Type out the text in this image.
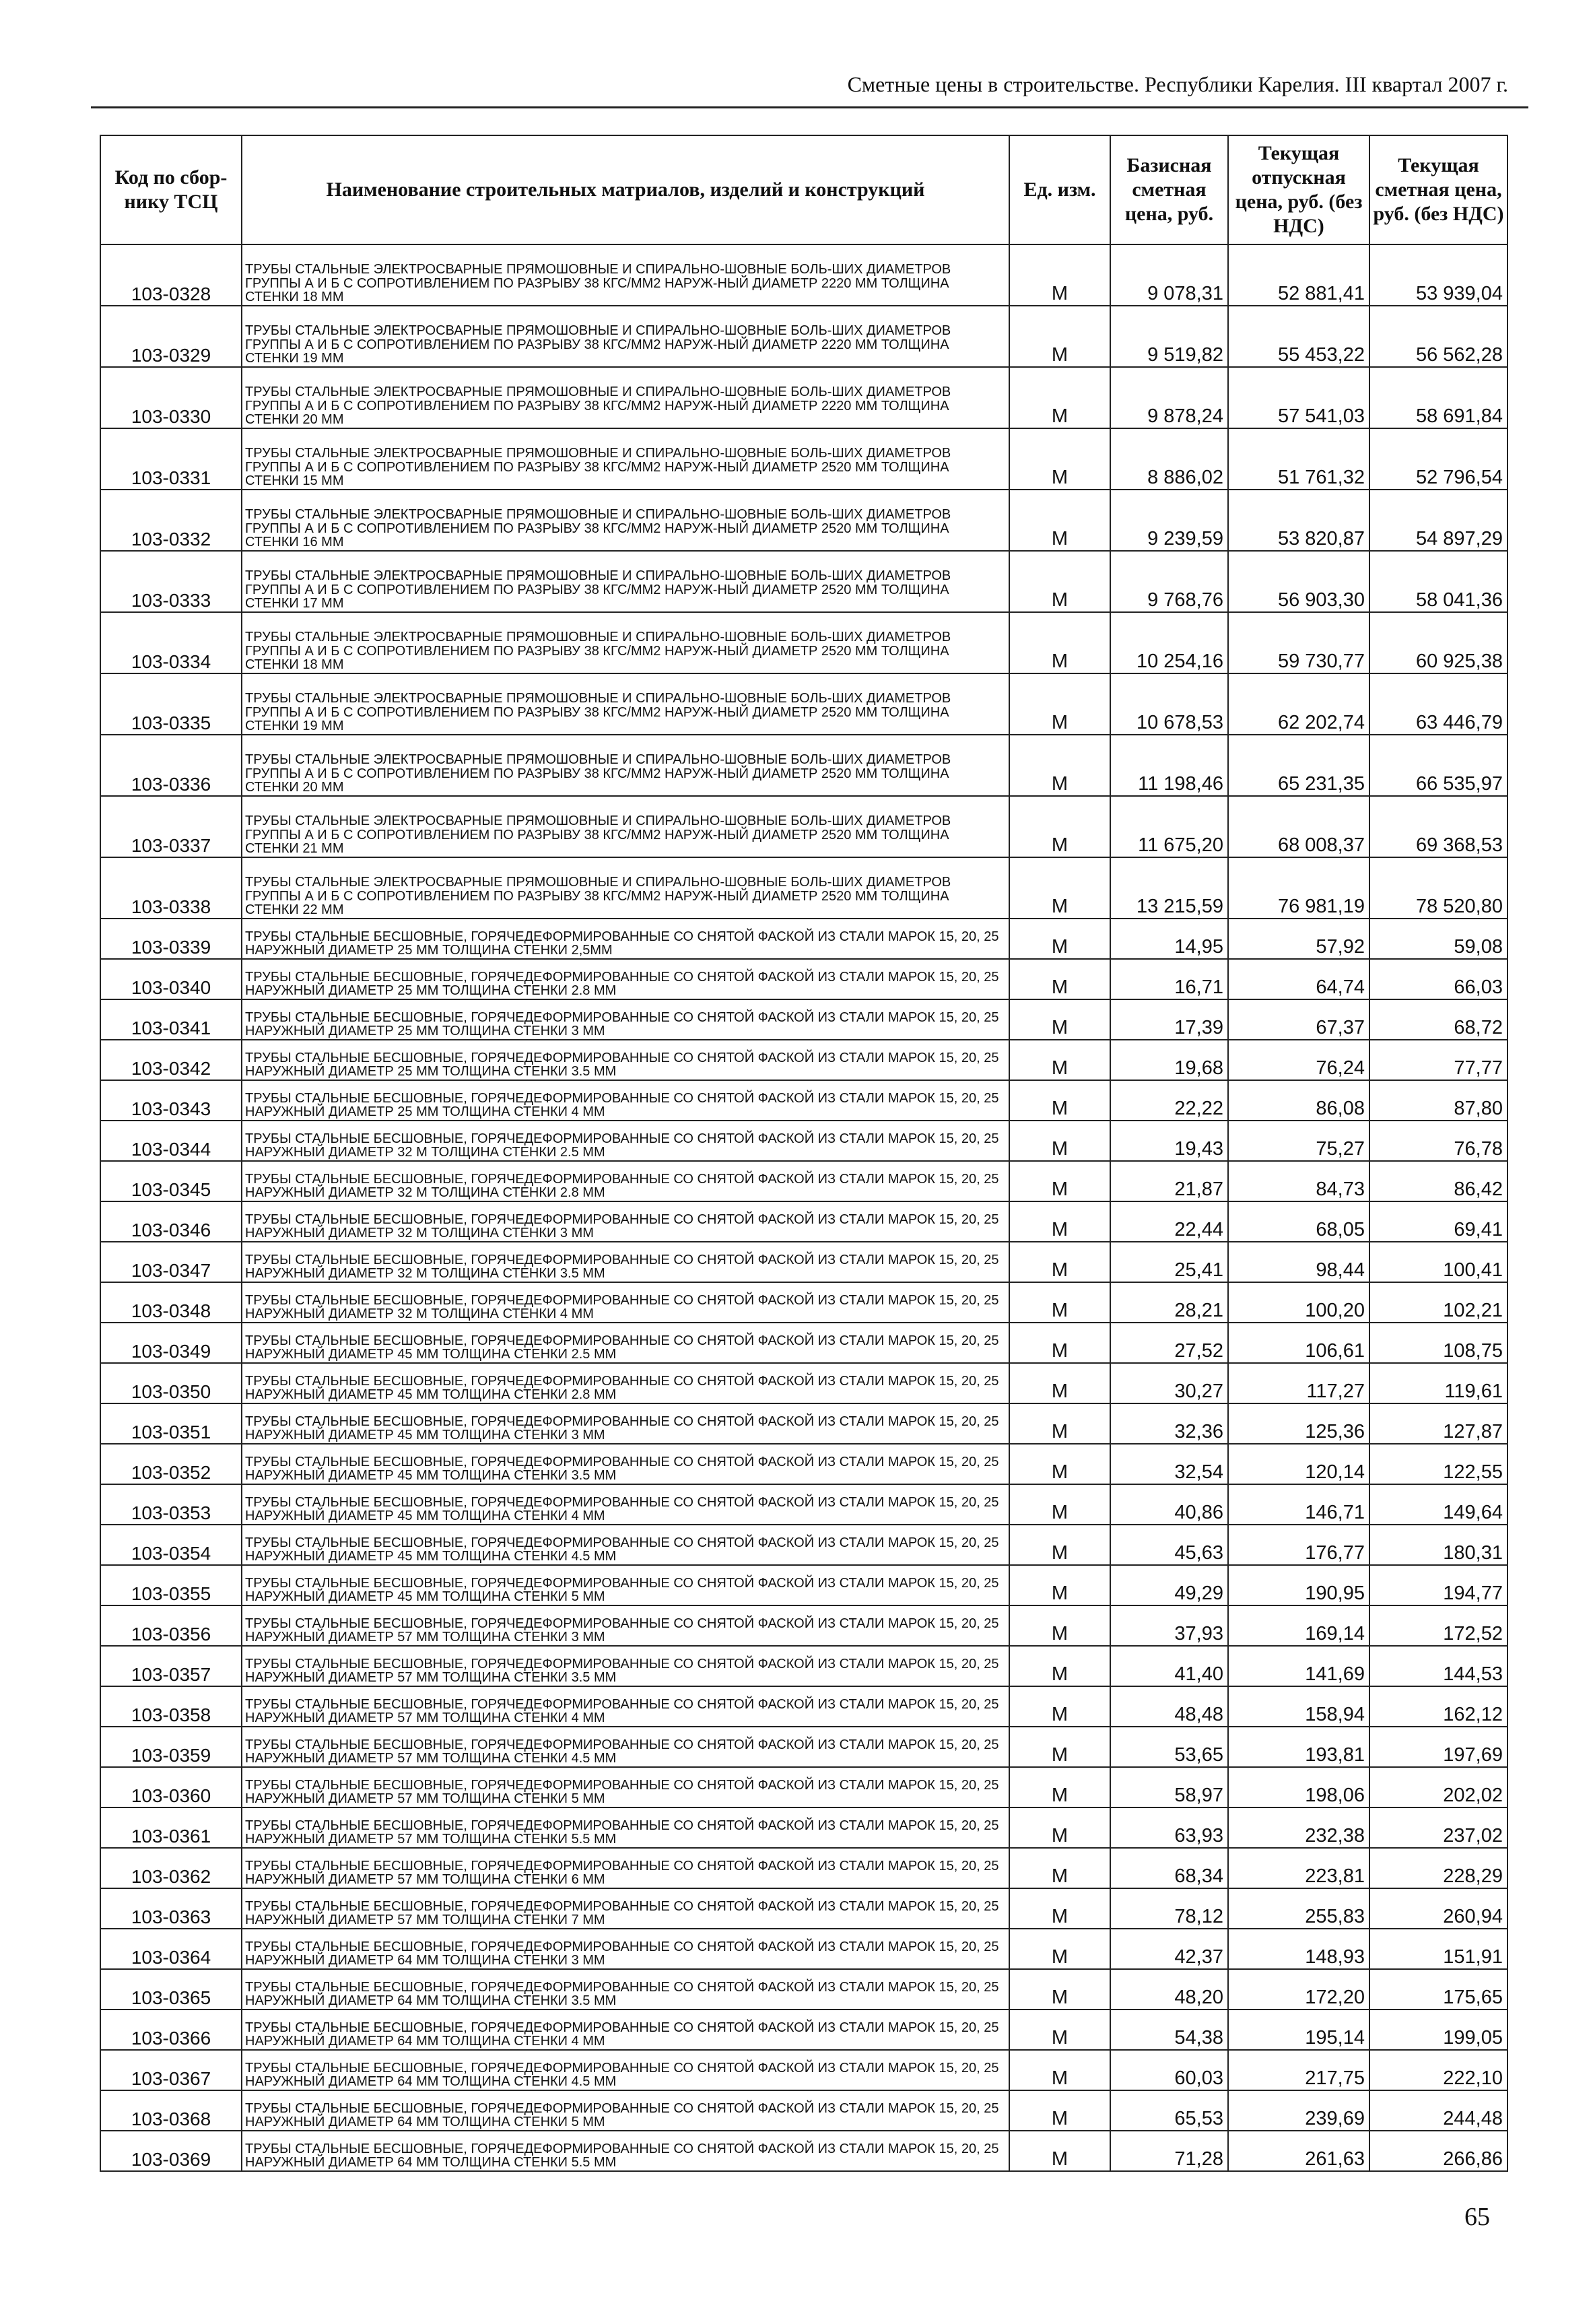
Сметные цены в строительстве. Республики Карелия. III квартал 2007 г.
Код по сбор-нику ТСЦ	Наименование строительных матриалов, изделий и конструкций	Ед. изм.	Базисная сметная цена, руб.	Текущая отпускная цена, руб. (без НДС)	Текущая сметная цена, руб. (без НДС)
103-0328	ТРУБЫ СТАЛЬНЫЕ ЭЛЕКТРОСВАРНЫЕ ПРЯМОШОВНЫЕ И СПИРАЛЬНО-ШОВНЫЕ БОЛЬ-ШИХ ДИАМЕТРОВ ГРУППЫ А И Б С СОПРОТИВЛЕНИЕМ ПО РАЗРЫВУ 38 КГС/ММ2 НАРУЖ-НЫЙ ДИАМЕТР 2220 ММ ТОЛЩИНА СТЕНКИ 18 ММ	М	9 078,31	52 881,41	53 939,04
103-0329	ТРУБЫ СТАЛЬНЫЕ ЭЛЕКТРОСВАРНЫЕ ПРЯМОШОВНЫЕ И СПИРАЛЬНО-ШОВНЫЕ БОЛЬ-ШИХ ДИАМЕТРОВ ГРУППЫ А И Б С СОПРОТИВЛЕНИЕМ ПО РАЗРЫВУ 38 КГС/ММ2 НАРУЖ-НЫЙ ДИАМЕТР 2220 ММ ТОЛЩИНА СТЕНКИ 19 ММ	М	9 519,82	55 453,22	56 562,28
103-0330	ТРУБЫ СТАЛЬНЫЕ ЭЛЕКТРОСВАРНЫЕ ПРЯМОШОВНЫЕ И СПИРАЛЬНО-ШОВНЫЕ БОЛЬ-ШИХ ДИАМЕТРОВ ГРУППЫ А И Б С СОПРОТИВЛЕНИЕМ ПО РАЗРЫВУ 38 КГС/ММ2 НАРУЖ-НЫЙ ДИАМЕТР 2220 ММ ТОЛЩИНА СТЕНКИ 20 ММ	М	9 878,24	57 541,03	58 691,84
103-0331	ТРУБЫ СТАЛЬНЫЕ ЭЛЕКТРОСВАРНЫЕ ПРЯМОШОВНЫЕ И СПИРАЛЬНО-ШОВНЫЕ БОЛЬ-ШИХ ДИАМЕТРОВ ГРУППЫ А И Б С СОПРОТИВЛЕНИЕМ ПО РАЗРЫВУ 38 КГС/ММ2 НАРУЖ-НЫЙ ДИАМЕТР 2520 ММ ТОЛЩИНА СТЕНКИ 15 ММ	М	8 886,02	51 761,32	52 796,54
103-0332	ТРУБЫ СТАЛЬНЫЕ ЭЛЕКТРОСВАРНЫЕ ПРЯМОШОВНЫЕ И СПИРАЛЬНО-ШОВНЫЕ БОЛЬ-ШИХ ДИАМЕТРОВ ГРУППЫ А И Б С СОПРОТИВЛЕНИЕМ ПО РАЗРЫВУ 38 КГС/ММ2 НАРУЖ-НЫЙ ДИАМЕТР 2520 ММ ТОЛЩИНА СТЕНКИ 16 ММ	М	9 239,59	53 820,87	54 897,29
103-0333	ТРУБЫ СТАЛЬНЫЕ ЭЛЕКТРОСВАРНЫЕ ПРЯМОШОВНЫЕ И СПИРАЛЬНО-ШОВНЫЕ БОЛЬ-ШИХ ДИАМЕТРОВ ГРУППЫ А И Б С СОПРОТИВЛЕНИЕМ ПО РАЗРЫВУ 38 КГС/ММ2 НАРУЖ-НЫЙ ДИАМЕТР 2520 ММ ТОЛЩИНА СТЕНКИ 17 ММ	М	9 768,76	56 903,30	58 041,36
103-0334	ТРУБЫ СТАЛЬНЫЕ ЭЛЕКТРОСВАРНЫЕ ПРЯМОШОВНЫЕ И СПИРАЛЬНО-ШОВНЫЕ БОЛЬ-ШИХ ДИАМЕТРОВ ГРУППЫ А И Б С СОПРОТИВЛЕНИЕМ ПО РАЗРЫВУ 38 КГС/ММ2 НАРУЖ-НЫЙ ДИАМЕТР 2520 ММ ТОЛЩИНА СТЕНКИ 18 ММ	М	10 254,16	59 730,77	60 925,38
103-0335	ТРУБЫ СТАЛЬНЫЕ ЭЛЕКТРОСВАРНЫЕ ПРЯМОШОВНЫЕ И СПИРАЛЬНО-ШОВНЫЕ БОЛЬ-ШИХ ДИАМЕТРОВ ГРУППЫ А И Б С СОПРОТИВЛЕНИЕМ ПО РАЗРЫВУ 38 КГС/ММ2 НАРУЖ-НЫЙ ДИАМЕТР 2520 ММ ТОЛЩИНА СТЕНКИ 19 ММ	М	10 678,53	62 202,74	63 446,79
103-0336	ТРУБЫ СТАЛЬНЫЕ ЭЛЕКТРОСВАРНЫЕ ПРЯМОШОВНЫЕ И СПИРАЛЬНО-ШОВНЫЕ БОЛЬ-ШИХ ДИАМЕТРОВ ГРУППЫ А И Б С СОПРОТИВЛЕНИЕМ ПО РАЗРЫВУ 38 КГС/ММ2 НАРУЖ-НЫЙ ДИАМЕТР 2520 ММ ТОЛЩИНА СТЕНКИ 20 ММ	М	11 198,46	65 231,35	66 535,97
103-0337	ТРУБЫ СТАЛЬНЫЕ ЭЛЕКТРОСВАРНЫЕ ПРЯМОШОВНЫЕ И СПИРАЛЬНО-ШОВНЫЕ БОЛЬ-ШИХ ДИАМЕТРОВ ГРУППЫ А И Б С СОПРОТИВЛЕНИЕМ ПО РАЗРЫВУ 38 КГС/ММ2 НАРУЖ-НЫЙ ДИАМЕТР 2520 ММ ТОЛЩИНА СТЕНКИ 21 ММ	М	11 675,20	68 008,37	69 368,53
103-0338	ТРУБЫ СТАЛЬНЫЕ ЭЛЕКТРОСВАРНЫЕ ПРЯМОШОВНЫЕ И СПИРАЛЬНО-ШОВНЫЕ БОЛЬ-ШИХ ДИАМЕТРОВ ГРУППЫ А И Б С СОПРОТИВЛЕНИЕМ ПО РАЗРЫВУ 38 КГС/ММ2 НАРУЖ-НЫЙ ДИАМЕТР 2520 ММ ТОЛЩИНА СТЕНКИ 22 ММ	М	13 215,59	76 981,19	78 520,80
103-0339	ТРУБЫ СТАЛЬНЫЕ БЕСШОВНЫЕ, ГОРЯЧЕДЕФОРМИРОВАННЫЕ СО СНЯТОЙ ФАСКОЙ ИЗ СТАЛИ МАРОК 15, 20, 25 НАРУЖНЫЙ ДИАМЕТР 25 ММ ТОЛЩИНА СТЕНКИ 2,5ММ	М	14,95	57,92	59,08
103-0340	ТРУБЫ СТАЛЬНЫЕ БЕСШОВНЫЕ, ГОРЯЧЕДЕФОРМИРОВАННЫЕ СО СНЯТОЙ ФАСКОЙ ИЗ СТАЛИ МАРОК 15, 20, 25 НАРУЖНЫЙ ДИАМЕТР 25 ММ ТОЛЩИНА СТЕНКИ 2.8 ММ	М	16,71	64,74	66,03
103-0341	ТРУБЫ СТАЛЬНЫЕ БЕСШОВНЫЕ, ГОРЯЧЕДЕФОРМИРОВАННЫЕ СО СНЯТОЙ ФАСКОЙ ИЗ СТАЛИ МАРОК 15, 20, 25 НАРУЖНЫЙ ДИАМЕТР 25 ММ ТОЛЩИНА СТЕНКИ 3 ММ	М	17,39	67,37	68,72
103-0342	ТРУБЫ СТАЛЬНЫЕ БЕСШОВНЫЕ, ГОРЯЧЕДЕФОРМИРОВАННЫЕ СО СНЯТОЙ ФАСКОЙ ИЗ СТАЛИ МАРОК 15, 20, 25 НАРУЖНЫЙ ДИАМЕТР 25 ММ ТОЛЩИНА СТЕНКИ 3.5 ММ	М	19,68	76,24	77,77
103-0343	ТРУБЫ СТАЛЬНЫЕ БЕСШОВНЫЕ, ГОРЯЧЕДЕФОРМИРОВАННЫЕ СО СНЯТОЙ ФАСКОЙ ИЗ СТАЛИ МАРОК 15, 20, 25 НАРУЖНЫЙ ДИАМЕТР 25 ММ ТОЛЩИНА СТЕНКИ 4 ММ	М	22,22	86,08	87,80
103-0344	ТРУБЫ СТАЛЬНЫЕ БЕСШОВНЫЕ, ГОРЯЧЕДЕФОРМИРОВАННЫЕ СО СНЯТОЙ ФАСКОЙ ИЗ СТАЛИ МАРОК 15, 20, 25 НАРУЖНЫЙ ДИАМЕТР 32 М ТОЛЩИНА СТЕНКИ 2.5 ММ	М	19,43	75,27	76,78
103-0345	ТРУБЫ СТАЛЬНЫЕ БЕСШОВНЫЕ, ГОРЯЧЕДЕФОРМИРОВАННЫЕ СО СНЯТОЙ ФАСКОЙ ИЗ СТАЛИ МАРОК 15, 20, 25 НАРУЖНЫЙ ДИАМЕТР 32 М ТОЛЩИНА СТЕНКИ 2.8 ММ	М	21,87	84,73	86,42
103-0346	ТРУБЫ СТАЛЬНЫЕ БЕСШОВНЫЕ, ГОРЯЧЕДЕФОРМИРОВАННЫЕ СО СНЯТОЙ ФАСКОЙ ИЗ СТАЛИ МАРОК 15, 20, 25 НАРУЖНЫЙ ДИАМЕТР 32 М ТОЛЩИНА СТЕНКИ 3 ММ	М	22,44	68,05	69,41
103-0347	ТРУБЫ СТАЛЬНЫЕ БЕСШОВНЫЕ, ГОРЯЧЕДЕФОРМИРОВАННЫЕ СО СНЯТОЙ ФАСКОЙ ИЗ СТАЛИ МАРОК 15, 20, 25 НАРУЖНЫЙ ДИАМЕТР 32 М ТОЛЩИНА СТЕНКИ 3.5 ММ	М	25,41	98,44	100,41
103-0348	ТРУБЫ СТАЛЬНЫЕ БЕСШОВНЫЕ, ГОРЯЧЕДЕФОРМИРОВАННЫЕ СО СНЯТОЙ ФАСКОЙ ИЗ СТАЛИ МАРОК 15, 20, 25 НАРУЖНЫЙ ДИАМЕТР 32 М ТОЛЩИНА СТЕНКИ 4 ММ	М	28,21	100,20	102,21
103-0349	ТРУБЫ СТАЛЬНЫЕ БЕСШОВНЫЕ, ГОРЯЧЕДЕФОРМИРОВАННЫЕ СО СНЯТОЙ ФАСКОЙ ИЗ СТАЛИ МАРОК 15, 20, 25 НАРУЖНЫЙ ДИАМЕТР 45 ММ ТОЛЩИНА СТЕНКИ 2.5 ММ	М	27,52	106,61	108,75
103-0350	ТРУБЫ СТАЛЬНЫЕ БЕСШОВНЫЕ, ГОРЯЧЕДЕФОРМИРОВАННЫЕ СО СНЯТОЙ ФАСКОЙ ИЗ СТАЛИ МАРОК 15, 20, 25 НАРУЖНЫЙ ДИАМЕТР 45 ММ ТОЛЩИНА СТЕНКИ 2.8 ММ	М	30,27	117,27	119,61
103-0351	ТРУБЫ СТАЛЬНЫЕ БЕСШОВНЫЕ, ГОРЯЧЕДЕФОРМИРОВАННЫЕ СО СНЯТОЙ ФАСКОЙ ИЗ СТАЛИ МАРОК 15, 20, 25 НАРУЖНЫЙ ДИАМЕТР 45 ММ ТОЛЩИНА СТЕНКИ 3 ММ	М	32,36	125,36	127,87
103-0352	ТРУБЫ СТАЛЬНЫЕ БЕСШОВНЫЕ, ГОРЯЧЕДЕФОРМИРОВАННЫЕ СО СНЯТОЙ ФАСКОЙ ИЗ СТАЛИ МАРОК 15, 20, 25 НАРУЖНЫЙ ДИАМЕТР 45 ММ ТОЛЩИНА СТЕНКИ 3.5 ММ	М	32,54	120,14	122,55
103-0353	ТРУБЫ СТАЛЬНЫЕ БЕСШОВНЫЕ, ГОРЯЧЕДЕФОРМИРОВАННЫЕ СО СНЯТОЙ ФАСКОЙ ИЗ СТАЛИ МАРОК 15, 20, 25 НАРУЖНЫЙ ДИАМЕТР 45 ММ ТОЛЩИНА СТЕНКИ 4 ММ	М	40,86	146,71	149,64
103-0354	ТРУБЫ СТАЛЬНЫЕ БЕСШОВНЫЕ, ГОРЯЧЕДЕФОРМИРОВАННЫЕ СО СНЯТОЙ ФАСКОЙ ИЗ СТАЛИ МАРОК 15, 20, 25 НАРУЖНЫЙ ДИАМЕТР 45 ММ ТОЛЩИНА СТЕНКИ 4.5 ММ	М	45,63	176,77	180,31
103-0355	ТРУБЫ СТАЛЬНЫЕ БЕСШОВНЫЕ, ГОРЯЧЕДЕФОРМИРОВАННЫЕ СО СНЯТОЙ ФАСКОЙ ИЗ СТАЛИ МАРОК 15, 20, 25 НАРУЖНЫЙ ДИАМЕТР 45 ММ ТОЛЩИНА СТЕНКИ 5 ММ	М	49,29	190,95	194,77
103-0356	ТРУБЫ СТАЛЬНЫЕ БЕСШОВНЫЕ, ГОРЯЧЕДЕФОРМИРОВАННЫЕ СО СНЯТОЙ ФАСКОЙ ИЗ СТАЛИ МАРОК 15, 20, 25 НАРУЖНЫЙ ДИАМЕТР 57 ММ ТОЛЩИНА СТЕНКИ 3 ММ	М	37,93	169,14	172,52
103-0357	ТРУБЫ СТАЛЬНЫЕ БЕСШОВНЫЕ, ГОРЯЧЕДЕФОРМИРОВАННЫЕ СО СНЯТОЙ ФАСКОЙ ИЗ СТАЛИ МАРОК 15, 20, 25 НАРУЖНЫЙ ДИАМЕТР 57 ММ ТОЛЩИНА СТЕНКИ 3.5 ММ	М	41,40	141,69	144,53
103-0358	ТРУБЫ СТАЛЬНЫЕ БЕСШОВНЫЕ, ГОРЯЧЕДЕФОРМИРОВАННЫЕ СО СНЯТОЙ ФАСКОЙ ИЗ СТАЛИ МАРОК 15, 20, 25 НАРУЖНЫЙ ДИАМЕТР 57 ММ ТОЛЩИНА СТЕНКИ 4 ММ	М	48,48	158,94	162,12
103-0359	ТРУБЫ СТАЛЬНЫЕ БЕСШОВНЫЕ, ГОРЯЧЕДЕФОРМИРОВАННЫЕ СО СНЯТОЙ ФАСКОЙ ИЗ СТАЛИ МАРОК 15, 20, 25 НАРУЖНЫЙ ДИАМЕТР 57 ММ ТОЛЩИНА СТЕНКИ 4.5 ММ	М	53,65	193,81	197,69
103-0360	ТРУБЫ СТАЛЬНЫЕ БЕСШОВНЫЕ, ГОРЯЧЕДЕФОРМИРОВАННЫЕ СО СНЯТОЙ ФАСКОЙ ИЗ СТАЛИ МАРОК 15, 20, 25 НАРУЖНЫЙ ДИАМЕТР 57 ММ ТОЛЩИНА СТЕНКИ 5 ММ	М	58,97	198,06	202,02
103-0361	ТРУБЫ СТАЛЬНЫЕ БЕСШОВНЫЕ, ГОРЯЧЕДЕФОРМИРОВАННЫЕ СО СНЯТОЙ ФАСКОЙ ИЗ СТАЛИ МАРОК 15, 20, 25 НАРУЖНЫЙ ДИАМЕТР 57 ММ ТОЛЩИНА СТЕНКИ 5.5 ММ	М	63,93	232,38	237,02
103-0362	ТРУБЫ СТАЛЬНЫЕ БЕСШОВНЫЕ, ГОРЯЧЕДЕФОРМИРОВАННЫЕ СО СНЯТОЙ ФАСКОЙ ИЗ СТАЛИ МАРОК 15, 20, 25 НАРУЖНЫЙ ДИАМЕТР 57 ММ ТОЛЩИНА СТЕНКИ 6 ММ	М	68,34	223,81	228,29
103-0363	ТРУБЫ СТАЛЬНЫЕ БЕСШОВНЫЕ, ГОРЯЧЕДЕФОРМИРОВАННЫЕ СО СНЯТОЙ ФАСКОЙ ИЗ СТАЛИ МАРОК 15, 20, 25 НАРУЖНЫЙ ДИАМЕТР 57 ММ ТОЛЩИНА СТЕНКИ 7 ММ	М	78,12	255,83	260,94
103-0364	ТРУБЫ СТАЛЬНЫЕ БЕСШОВНЫЕ, ГОРЯЧЕДЕФОРМИРОВАННЫЕ СО СНЯТОЙ ФАСКОЙ ИЗ СТАЛИ МАРОК 15, 20, 25 НАРУЖНЫЙ ДИАМЕТР 64 ММ ТОЛЩИНА СТЕНКИ 3 ММ	М	42,37	148,93	151,91
103-0365	ТРУБЫ СТАЛЬНЫЕ БЕСШОВНЫЕ, ГОРЯЧЕДЕФОРМИРОВАННЫЕ СО СНЯТОЙ ФАСКОЙ ИЗ СТАЛИ МАРОК 15, 20, 25 НАРУЖНЫЙ ДИАМЕТР 64 ММ ТОЛЩИНА СТЕНКИ 3.5 ММ	М	48,20	172,20	175,65
103-0366	ТРУБЫ СТАЛЬНЫЕ БЕСШОВНЫЕ, ГОРЯЧЕДЕФОРМИРОВАННЫЕ СО СНЯТОЙ ФАСКОЙ ИЗ СТАЛИ МАРОК 15, 20, 25 НАРУЖНЫЙ ДИАМЕТР 64 ММ ТОЛЩИНА СТЕНКИ 4 ММ	М	54,38	195,14	199,05
103-0367	ТРУБЫ СТАЛЬНЫЕ БЕСШОВНЫЕ, ГОРЯЧЕДЕФОРМИРОВАННЫЕ СО СНЯТОЙ ФАСКОЙ ИЗ СТАЛИ МАРОК 15, 20, 25 НАРУЖНЫЙ ДИАМЕТР 64 ММ ТОЛЩИНА СТЕНКИ 4.5 ММ	М	60,03	217,75	222,10
103-0368	ТРУБЫ СТАЛЬНЫЕ БЕСШОВНЫЕ, ГОРЯЧЕДЕФОРМИРОВАННЫЕ СО СНЯТОЙ ФАСКОЙ ИЗ СТАЛИ МАРОК 15, 20, 25 НАРУЖНЫЙ ДИАМЕТР 64 ММ ТОЛЩИНА СТЕНКИ 5 ММ	М	65,53	239,69	244,48
103-0369	ТРУБЫ СТАЛЬНЫЕ БЕСШОВНЫЕ, ГОРЯЧЕДЕФОРМИРОВАННЫЕ СО СНЯТОЙ ФАСКОЙ ИЗ СТАЛИ МАРОК 15, 20, 25 НАРУЖНЫЙ ДИАМЕТР 64 ММ ТОЛЩИНА СТЕНКИ 5.5 ММ	М	71,28	261,63	266,86
65
